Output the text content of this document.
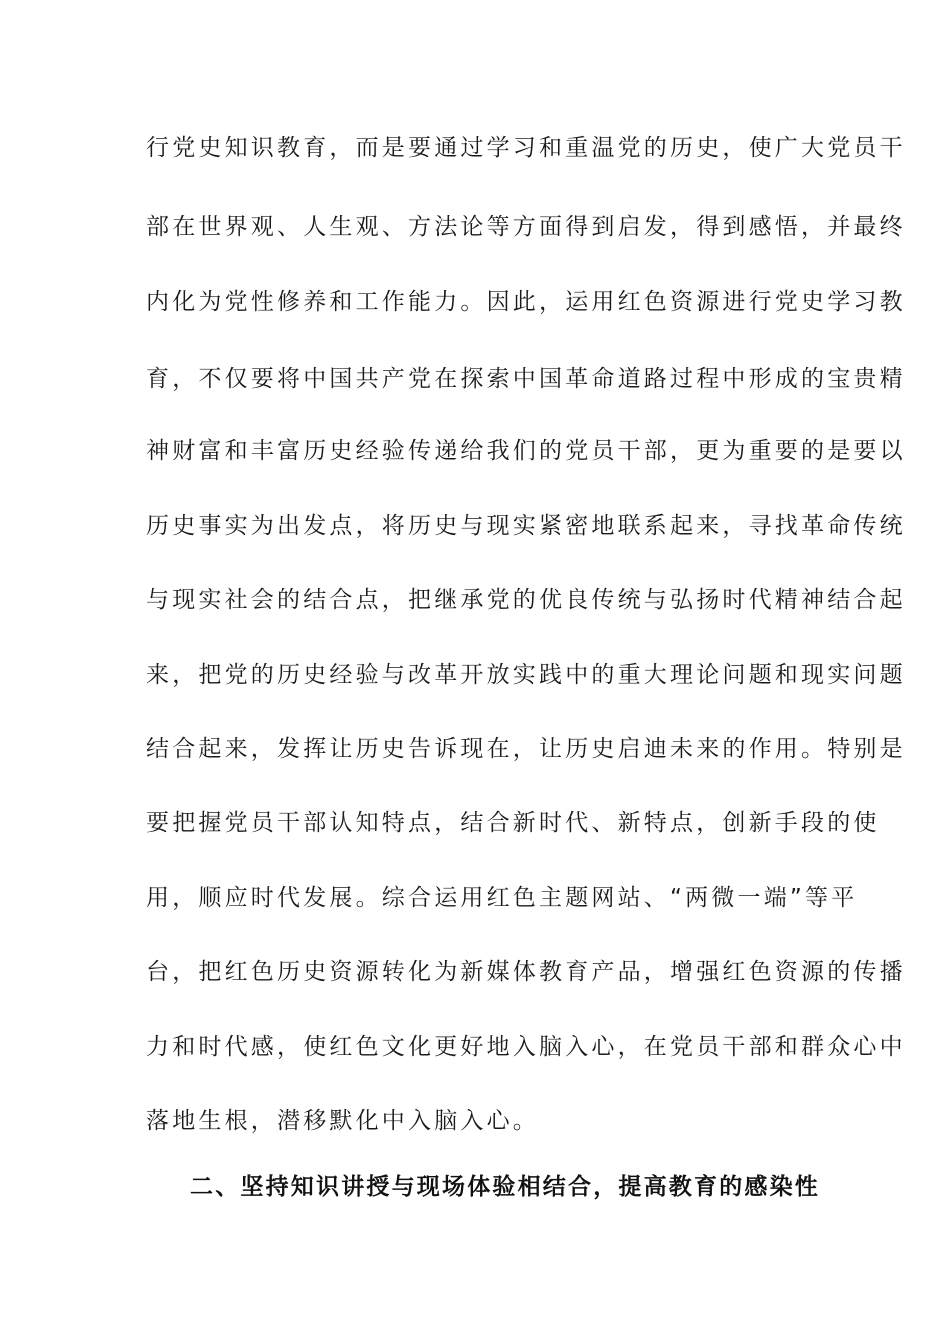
行党史知识教育，而是要通过学习和重温党的历史，使广大党员干
部在世界观、人生观、方法论等方面得到启发，得到感悟，并最终
内化为党性修养和工作能力。因此，运用红色资源进行党史学习教
育，不仅要将中国共产党在探索中国革命道路过程中形成的宝贵精
神财富和丰富历史经验传递给我们的党员干部，更为重要的是要以
历史事实为出发点，将历史与现实紧密地联系起来，寻找革命传统
与现实社会的结合点，把继承党的优良传统与弘扬时代精神结合起
来，把党的历史经验与改革开放实践中的重大理论问题和现实问题
结合起来，发挥让历史告诉现在，让历史启迪未来的作用。特别是
要把握党员干部认知特点，结合新时代、新特点，创新手段的使
用，顺应时代发展。综合运用红色主题网站、“两微一端”等平
台，把红色历史资源转化为新媒体教育产品，增强红色资源的传播
力和时代感，使红色文化更好地入脑入心，在党员干部和群众心中
落地生根，潜移默化中入脑入心。
二、坚持知识讲授与现场体验相结合，提高教育的感染性
